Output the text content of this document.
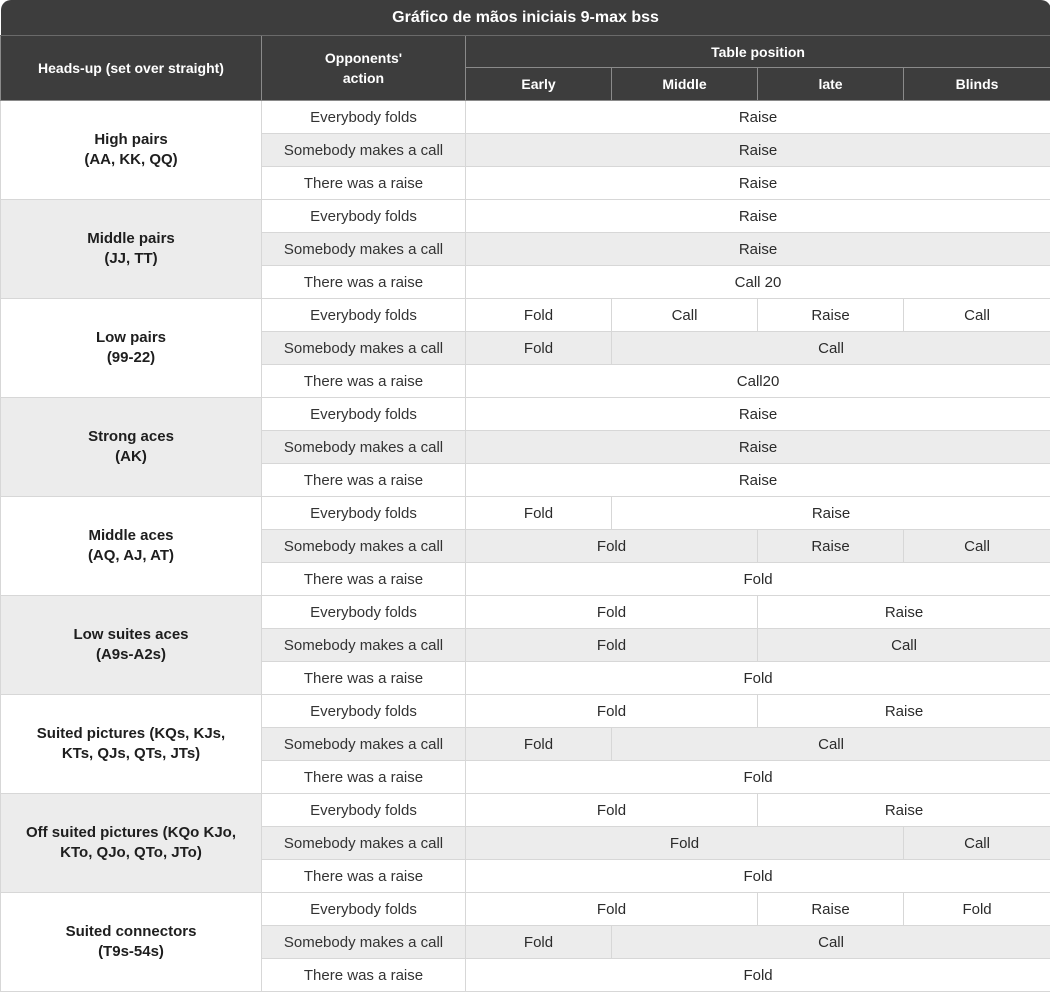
Gráfico de mãos iniciais 9-max bss					
Heads-up (set over straight)	Opponents' action	Table position			
		Early	Middle	late	Blinds
High pairs
(AA, KK, QQ)	Everybody folds	Raise			
	Somebody makes a call	Raise			
	There was a raise	Raise			
Middle pairs
(JJ, TT)	Everybody folds	Raise			
	Somebody makes a call	Raise			
	There was a raise	Call 20			
Low pairs
(99-22)	Everybody folds	Fold	Call	Raise	Call
	Somebody makes a call	Fold	Call		
	There was a raise	Call20			
Strong aces
(AK)	Everybody folds	Raise			
	Somebody makes a call	Raise			
	There was a raise	Raise			
Middle aces
(AQ, AJ, AT)	Everybody folds	Fold	Raise		
	Somebody makes a call	Fold		Raise	Call
	There was a raise	Fold			
Low suites aces
(A9s-A2s)	Everybody folds	Fold		Raise	
	Somebody makes a call	Fold		Call	
	There was a raise	Fold			
Suited pictures (KQs, KJs,
KTs, QJs, QTs, JTs)	Everybody folds	Fold		Raise	
	Somebody makes a call	Fold	Call		
	There was a raise	Fold			
Off suited pictures (KQo KJo,
KTo, QJo, QTo, JTo)	Everybody folds	Fold		Raise	
	Somebody makes a call	Fold			Call
	There was a raise	Fold			
Suited connectors
(T9s-54s)	Everybody folds	Fold		Raise	Fold
	Somebody makes a call	Fold	Call		
	There was a raise	Fold			
